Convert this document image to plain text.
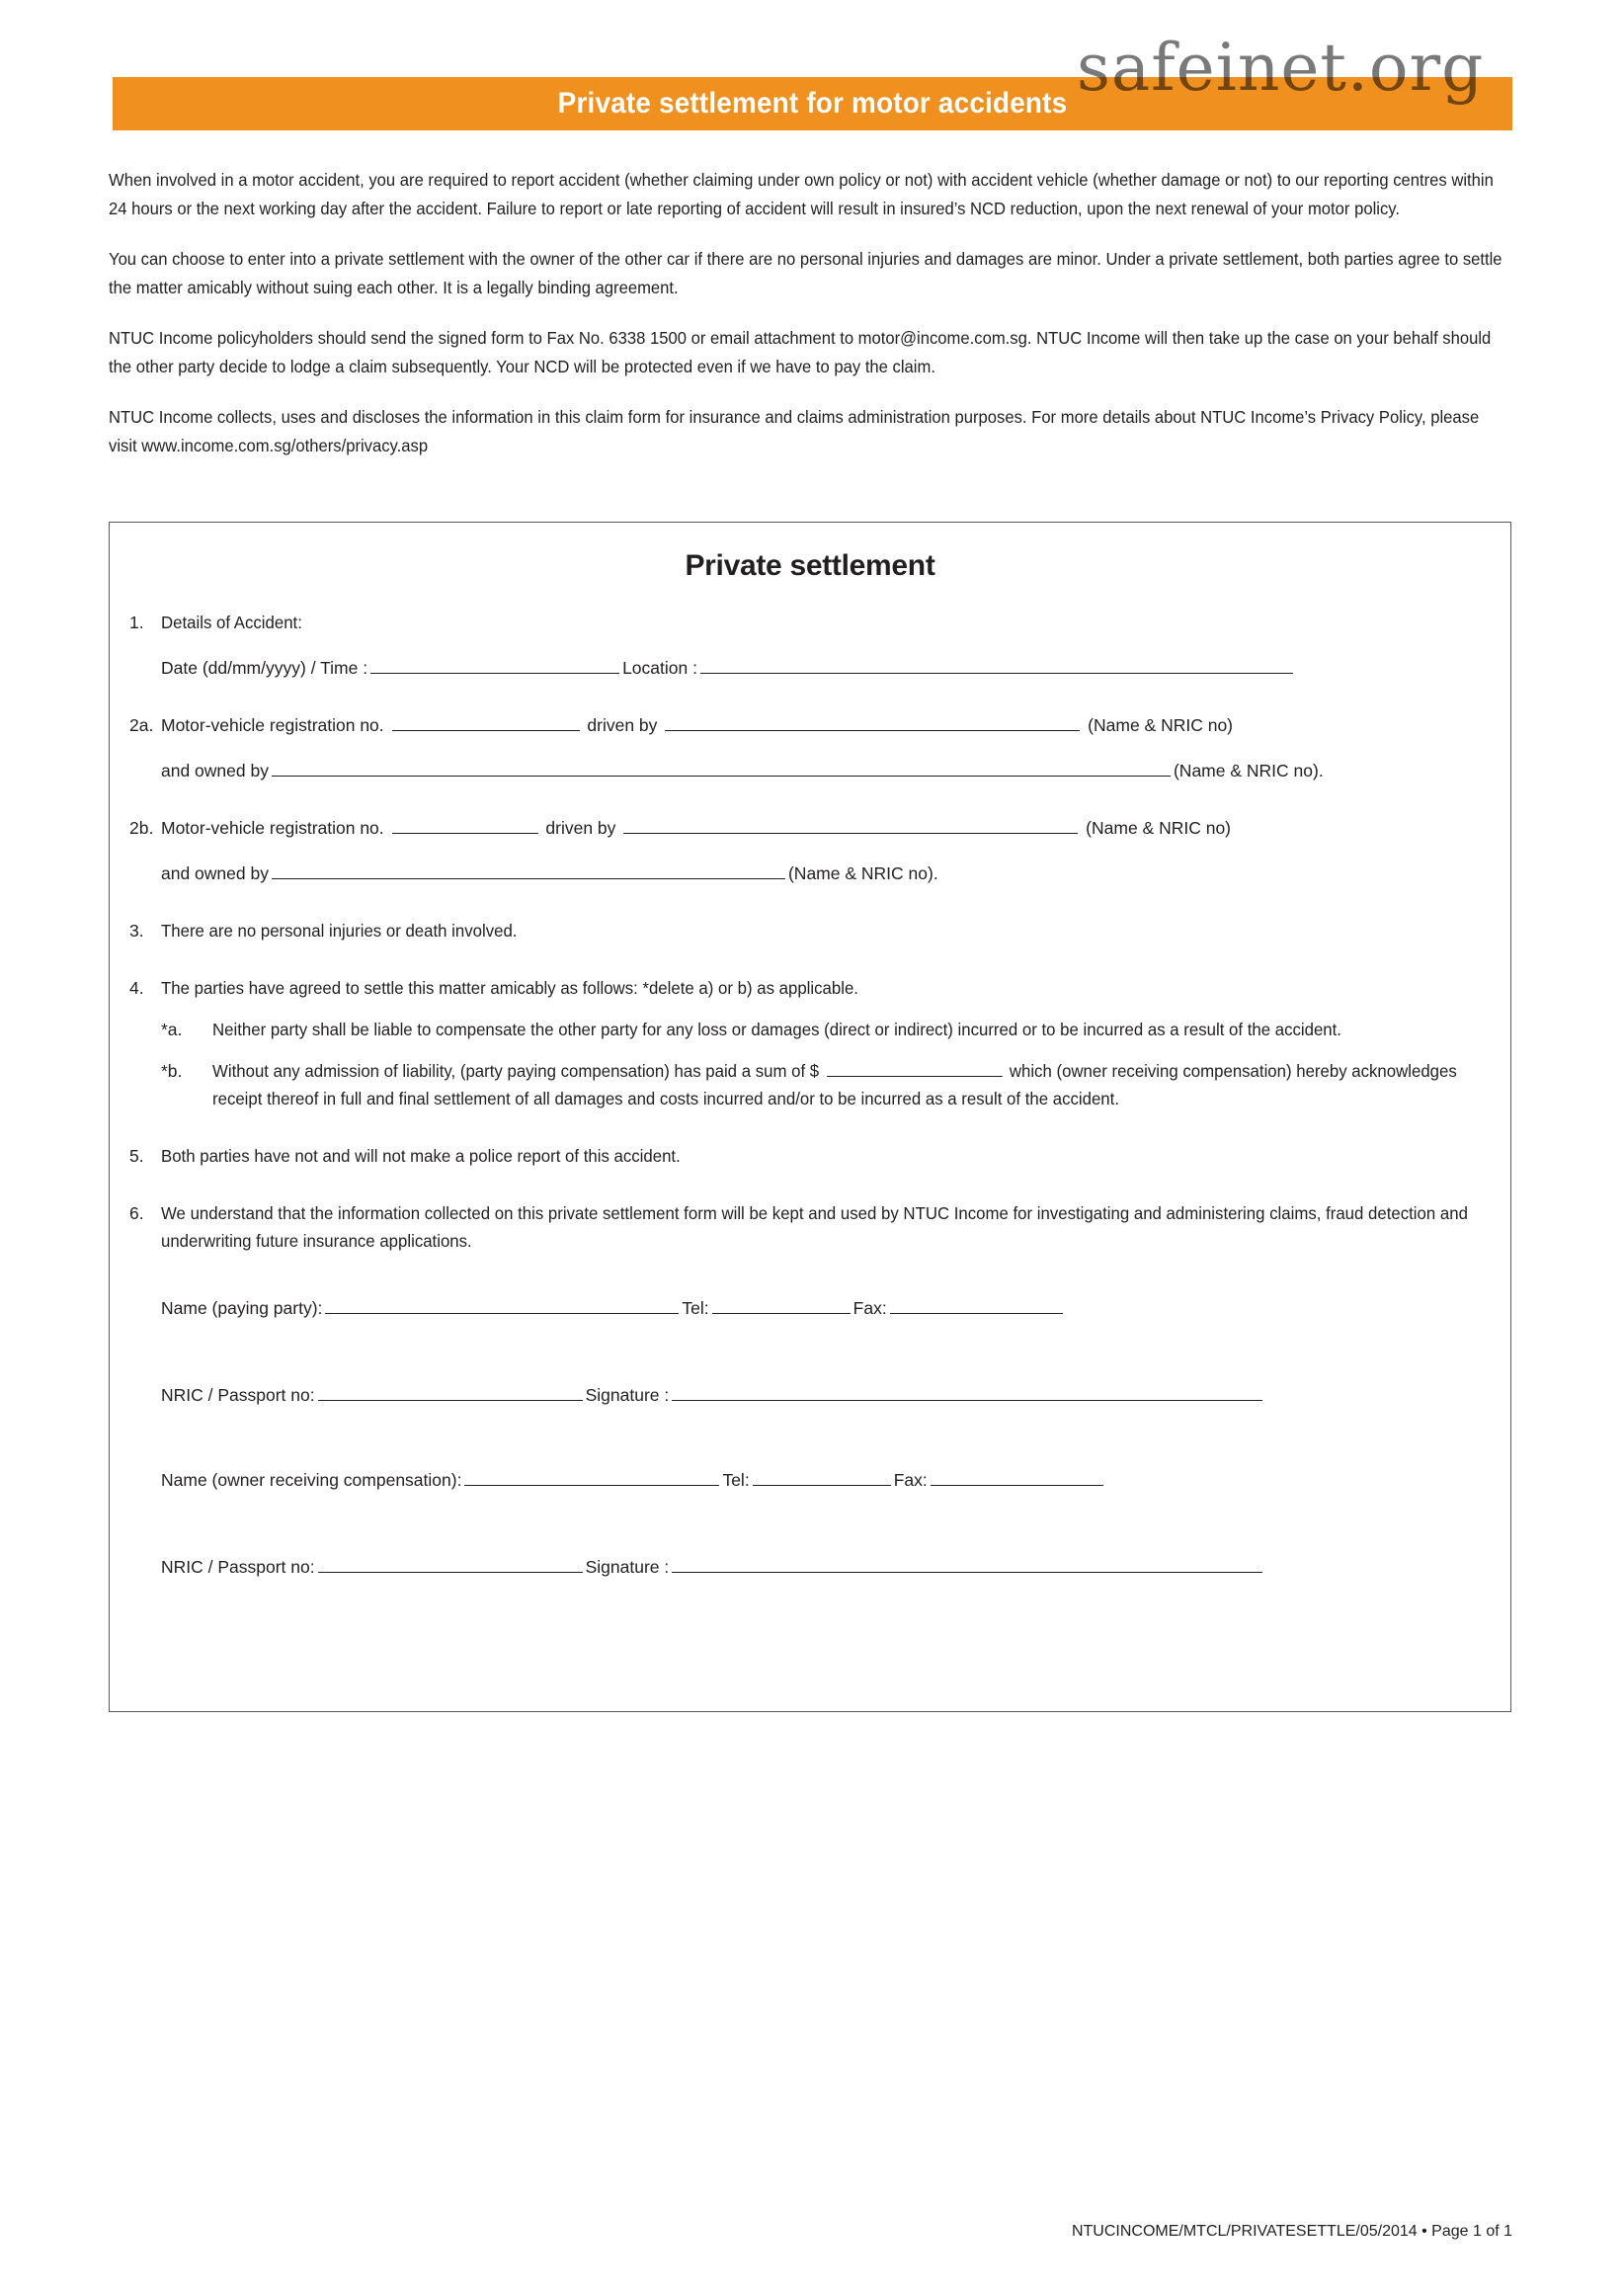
Private settlement for motor accidents safeinet.org

When involved in a motor accident, you are required to report accident (whether claiming under own policy or not) with accident vehicle (whether damage or not) to our reporting centres within 24 hours or the next working day after the accident. Failure to report or late reporting of accident will result in insured’s NCD reduction, upon the next renewal of your motor policy.

You can choose to enter into a private settlement with the owner of the other car if there are no personal injuries and damages are minor. Under a private settlement, both parties agree to settle the matter amicably without suing each other. It is a legally binding agreement.

NTUC Income policyholders should send the signed form to Fax No. 6338 1500 or email attachment to motor@income.com.sg. NTUC Income will then take up the case on your behalf should the other party decide to lodge a claim subsequently. Your NCD will be protected even if we have to pay the claim.

NTUC Income collects, uses and discloses the information in this claim form for insurance and claims administration purposes. For more details about NTUC Income’s Privacy Policy, please visit www.income.com.sg/others/privacy.asp

Private settlement
1. Details of Accident:
Date (dd/mm/yyyy) / Time :	Location :
2a. Motor-vehicle registration no.	driven by	(Name & NRIC no)
and owned by	(Name & NRIC no).
2b. Motor-vehicle registration no.	driven by	(Name & NRIC no)
and owned by	(Name & NRIC no).
3. There are no personal injuries or death involved.
4. The parties have agreed to settle this matter amicably as follows: *delete a) or b) as applicable.
*a.	Neither party shall be liable to compensate the other party for any loss or damages (direct or indirect) incurred or to be incurred as a result of the accident.
*b.	Without any admission of liability, (party paying compensation) has paid a sum of $	which (owner receiving compensation) hereby acknowledges receipt thereof in full and final settlement of all damages and costs incurred and/or to be incurred as a result of the accident.
5. Both parties have not and will not make a police report of this accident.
6. We understand that the information collected on this private settlement form will be kept and used by NTUC Income for investigating and administering claims, fraud detection and underwriting future insurance applications.
Name (paying party):	Tel:	Fax:
NRIC / Passport no:	Signature :
Name (owner receiving compensation):	Tel:	Fax:
NRIC / Passport no:	Signature :
NTUCINCOME/MTCL/PRIVATESETTLE/05/2014 • Page 1 of 1
